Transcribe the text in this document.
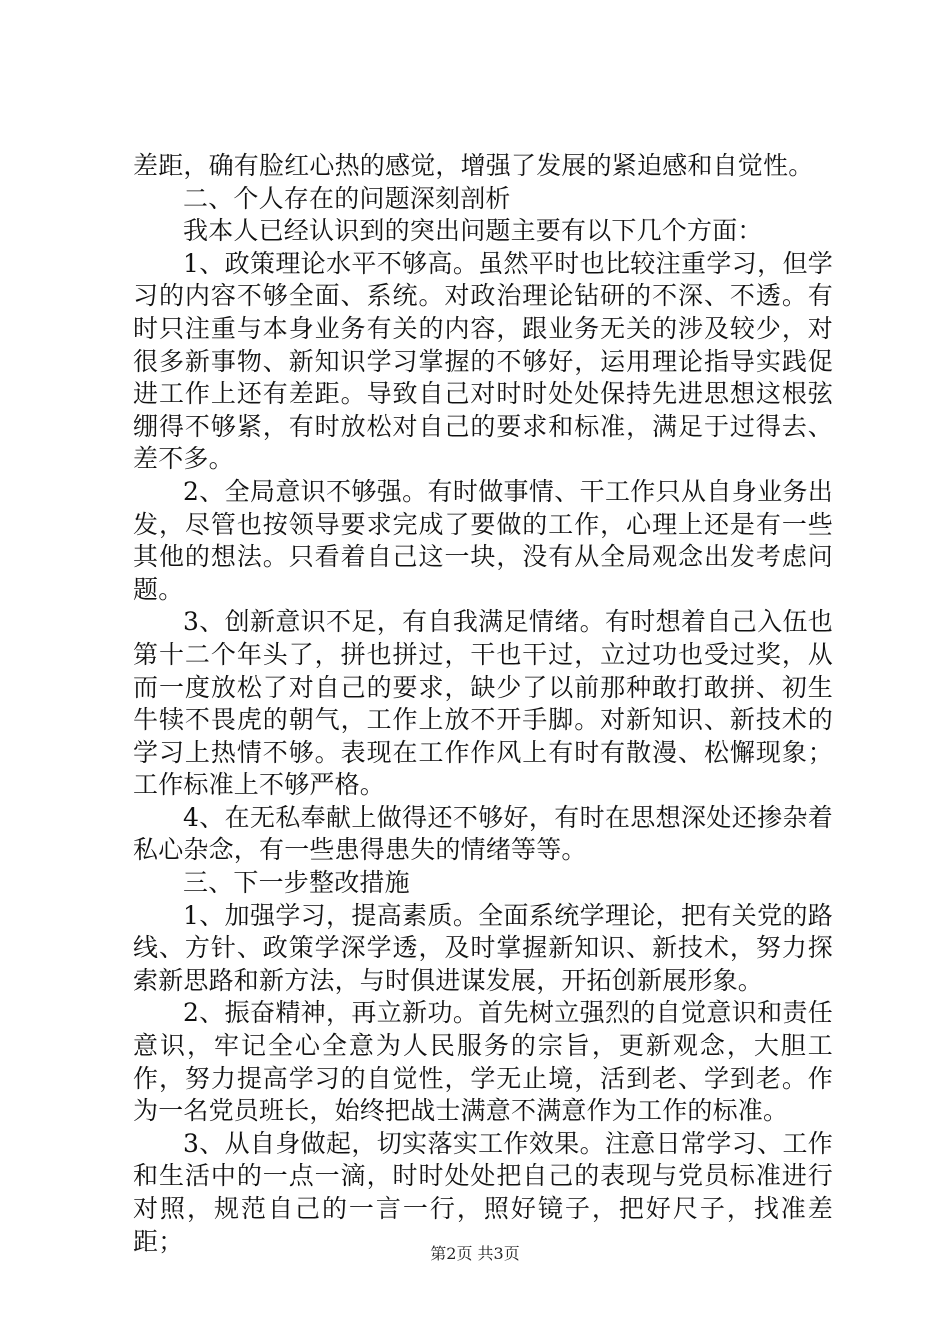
差距，确有脸红心热的感觉，增强了发展的紧迫感和自觉性。

二、个人存在的问题深刻剖析

我本人已经认识到的突出问题主要有以下几个方面：

1、政策理论水平不够高。虽然平时也比较注重学习，但学习的内容不够全面、系统。对政治理论钻研的不深、不透。有时只注重与本身业务有关的内容，跟业务无关的涉及较少，对很多新事物、新知识学习掌握的不够好，运用理论指导实践促进工作上还有差距。导致自己对时时处处保持先进思想这根弦绷得不够紧，有时放松对自己的要求和标准，满足于过得去、差不多。

2、全局意识不够强。有时做事情、干工作只从自身业务出发，尽管也按领导要求完成了要做的工作，心理上还是有一些其他的想法。只看着自己这一块，没有从全局观念出发考虑问题。

3、创新意识不足，有自我满足情绪。有时想着自己入伍也第十二个年头了，拼也拼过，干也干过，立过功也受过奖，从而一度放松了对自己的要求，缺少了以前那种敢打敢拼、初生牛犊不畏虎的朝气，工作上放不开手脚。对新知识、新技术的学习上热情不够。表现在工作作风上有时有散漫、松懈现象；工作标准上不够严格。

4、在无私奉献上做得还不够好，有时在思想深处还掺杂着私心杂念，有一些患得患失的情绪等等。

三、下一步整改措施

1、加强学习，提高素质。全面系统学理论，把有关党的路线、方针、政策学深学透，及时掌握新知识、新技术，努力探索新思路和新方法，与时俱进谋发展，开拓创新展形象。

2、振奋精神，再立新功。首先树立强烈的自觉意识和责任意识，牢记全心全意为人民服务的宗旨，更新观念，大胆工作，努力提高学习的自觉性，学无止境，活到老、学到老。作为一名党员班长，始终把战士满意不满意作为工作的标准。

3、从自身做起，切实落实工作效果。注意日常学习、工作和生活中的一点一滴，时时处处把自己的表现与党员标准进行对照，规范自己的一言一行，照好镜子，把好尺子，找准差距；	第2页 共3页
